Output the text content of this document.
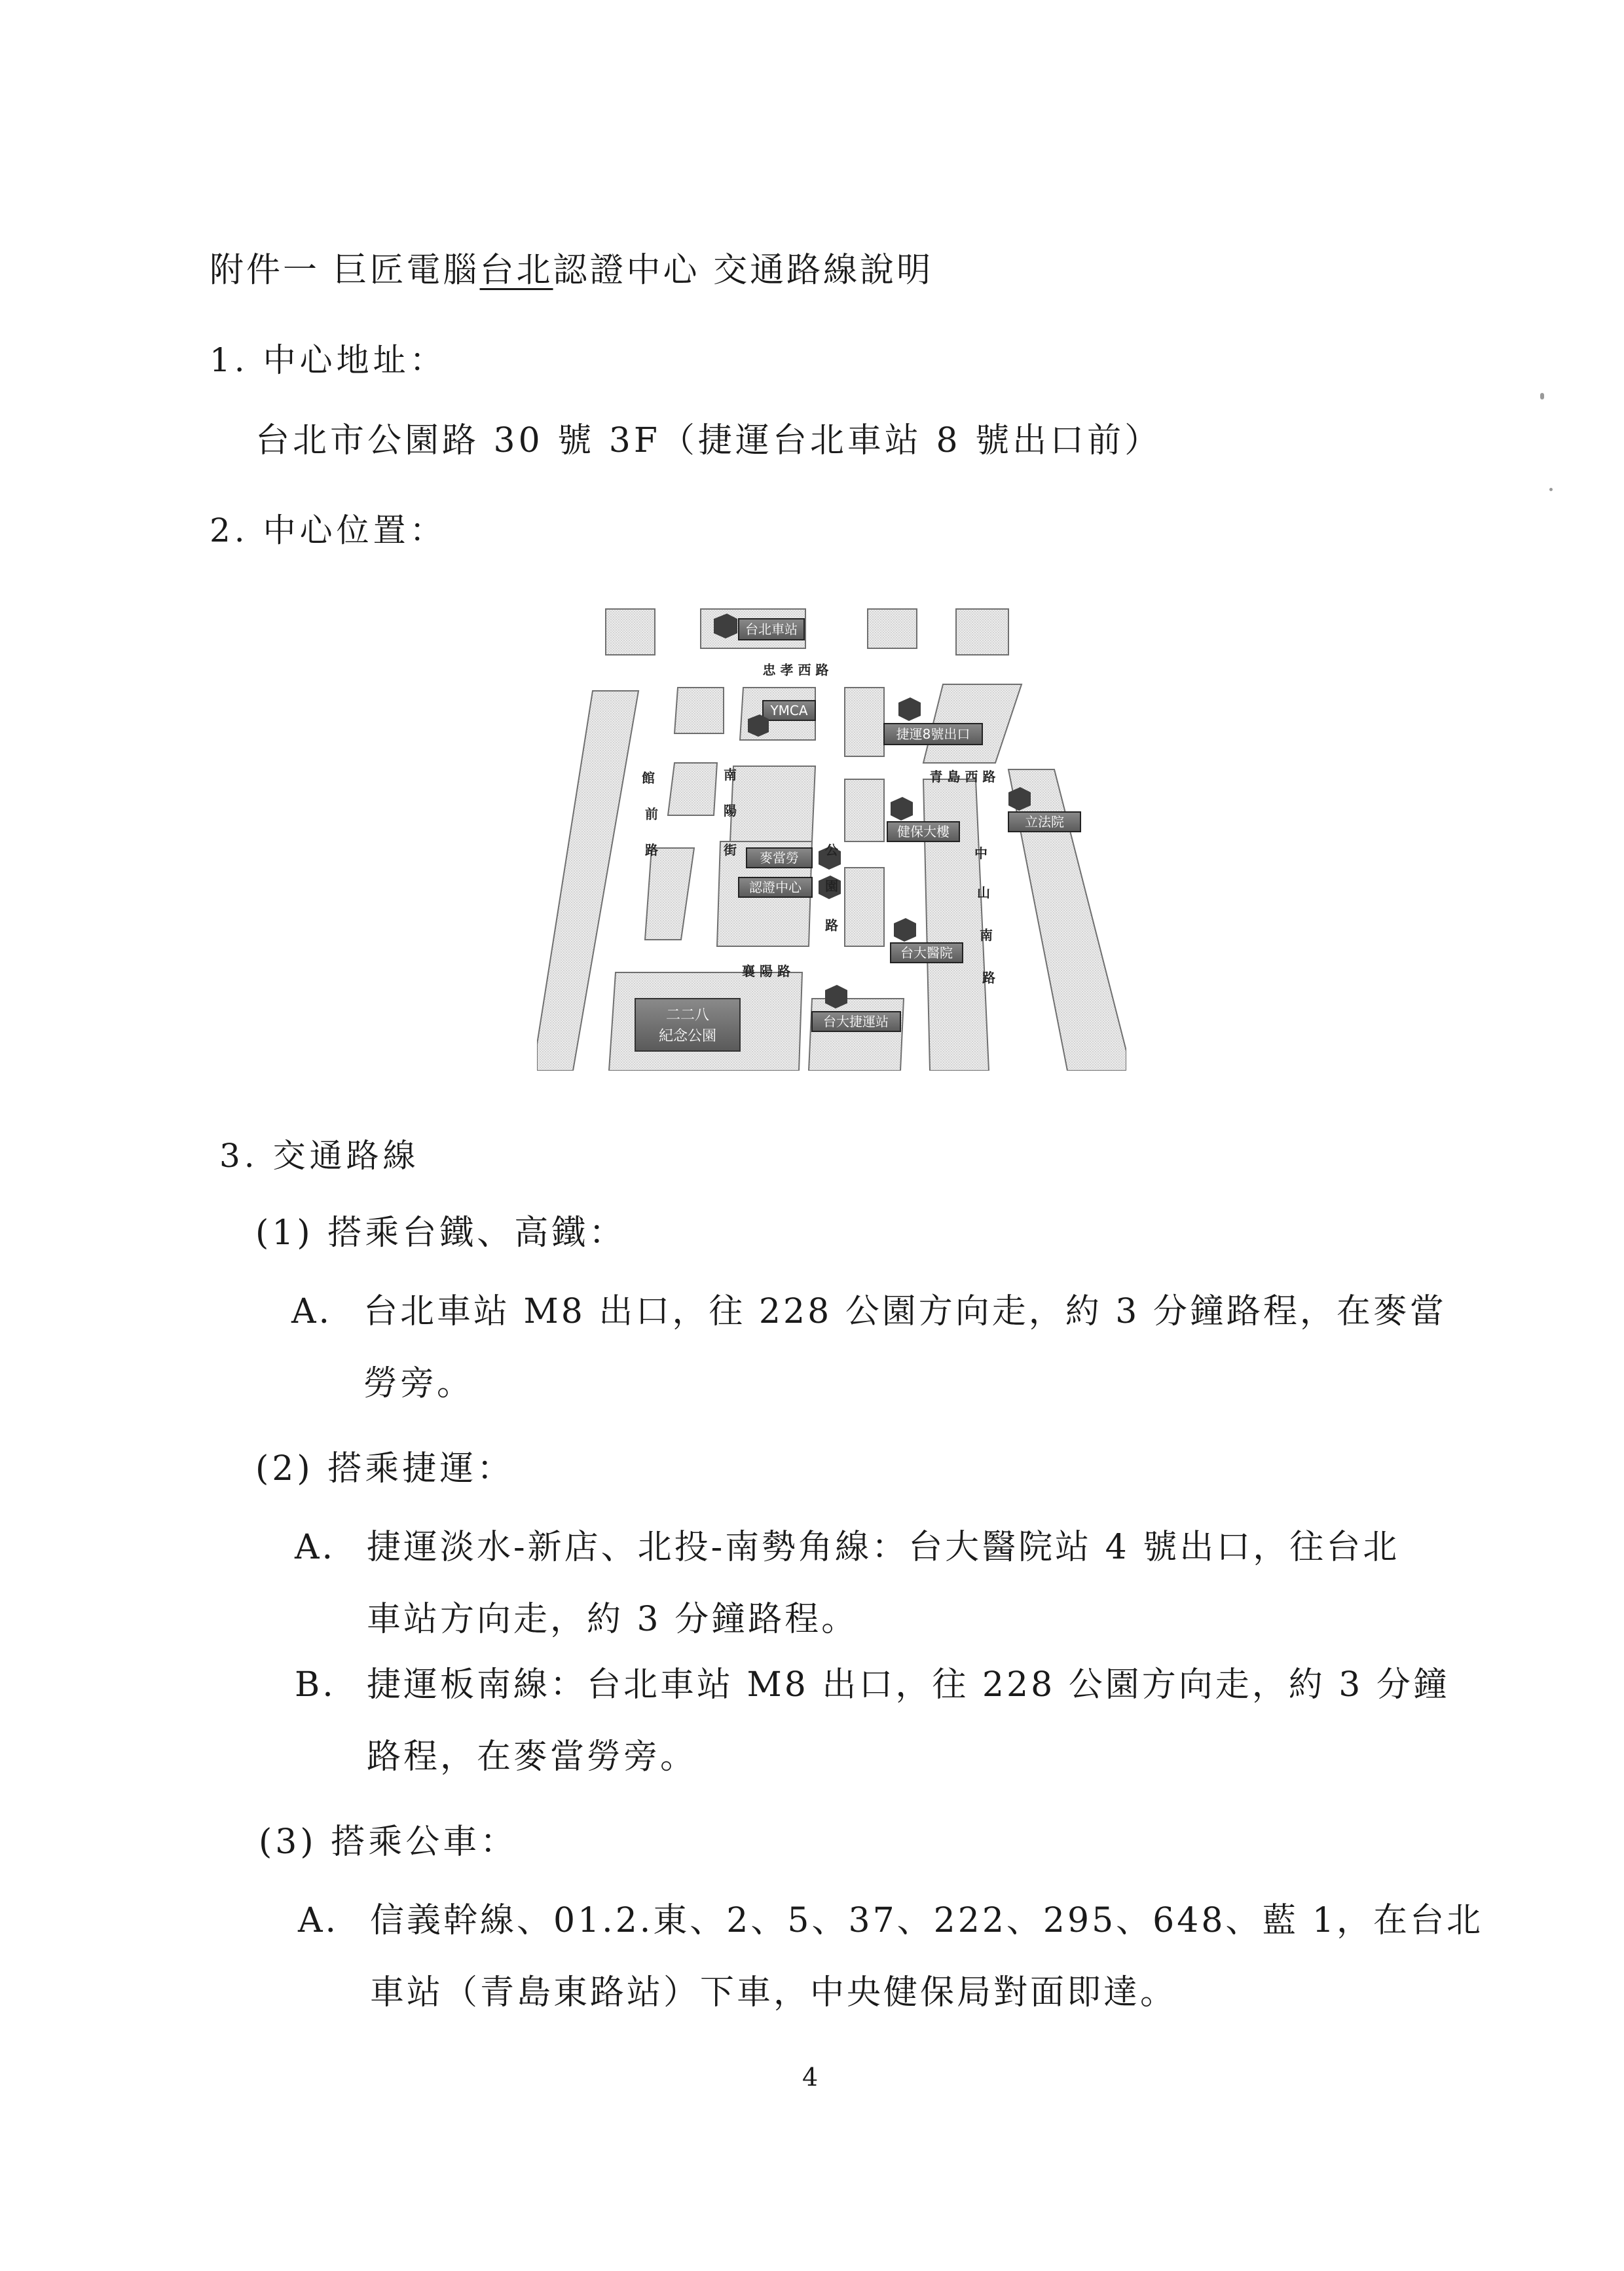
附件一 巨匠電腦台北認證中心 交通路線說明

1. 中心地址：

台北市公園路 30 號 3F（捷運台北車站 8 號出口前）

2. 中心位置：

二二八
紀念公園
台北車站
YMCA
捷運8號出口
健保大樓
立法院
麥當勞
認證中心
台大醫院
台大捷運站
忠 孝 西 路
青 島 西 路
襄 陽 路
館
前
路
南
陽
街	公
園
路
中
山
南
路

3. 交通路線

(1) 搭乘台鐵、高鐵：

A. 台北車站 M8 出口，往 228 公園方向走，約 3 分鐘路程，在麥當

勞旁。

(2) 搭乘捷運：

A. 捷運淡水-新店、北投-南勢角線：台大醫院站 4 號出口，往台北

車站方向走，約 3 分鐘路程。

B. 捷運板南線：台北車站 M8 出口，往 228 公園方向走，約 3 分鐘

路程，在麥當勞旁。

(3) 搭乘公車：

A. 信義幹線、01.2.東、2、5、37、222、295、648、藍 1，在台北

車站（青島東路站）下車，中央健保局對面即達。

4
